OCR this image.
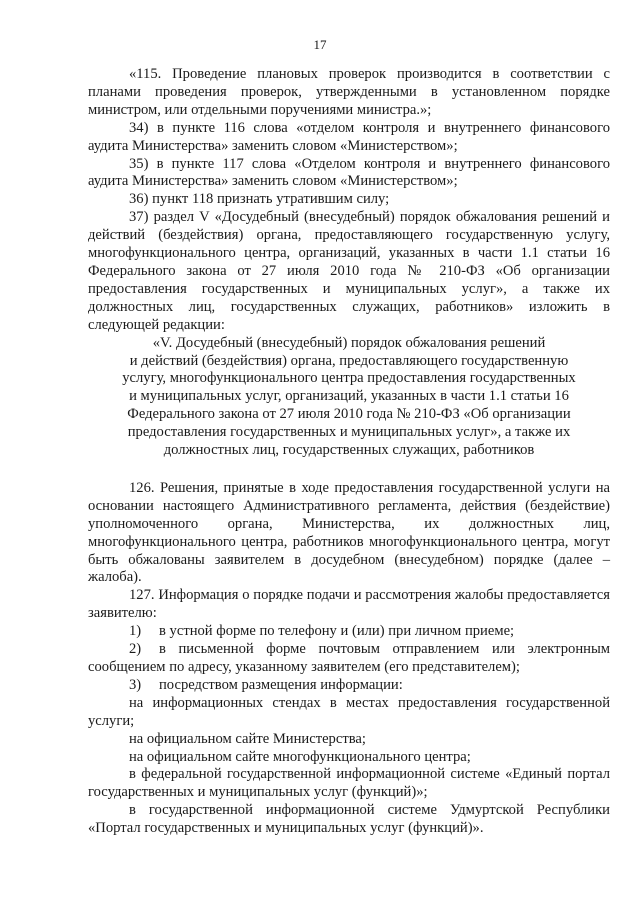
17

«115. Проведение плановых проверок производится в соответствии с планами проведения проверок, утвержденными в установленном порядке министром, или отдельными поручениями министра.»;

34) в пункте 116 слова «отделом контроля и внутреннего финансового аудита Министерства» заменить словом «Министерством»;

35) в пункте 117 слова «Отделом контроля и внутреннего финансового аудита Министерства» заменить словом «Министерством»;

36) пункт 118 признать утратившим силу;

37) раздел V «Досудебный (внесудебный) порядок обжалования решений и действий (бездействия) органа, предоставляющего государственную услугу, многофункционального центра, организаций, указанных в части 1.1 статьи 16 Федерального закона от 27 июля 2010 года № 210-ФЗ «Об организации предоставления государственных и муниципальных услуг», а также их должностных лиц, государственных служащих, работников» изложить в следующей редакции:

«V. Досудебный (внесудебный) порядок обжалования решений
и действий (бездействия) органа, предоставляющего государственную
услугу, многофункционального центра предоставления государственных
и муниципальных услуг, организаций, указанных в части 1.1 статьи 16
Федерального закона от 27 июля 2010 года № 210-ФЗ «Об организации
предоставления государственных и муниципальных услуг», а также их
должностных лиц, государственных служащих, работников

126. Решения, принятые в ходе предоставления государственной услуги на основании настоящего Административного регламента, действия (бездействие) уполномоченного органа, Министерства, их должностных лиц, многофункционального центра, работников многофункционального центра, могут быть обжалованы заявителем в досудебном (внесудебном) порядке (далее – жалоба).

127. Информация о порядке подачи и рассмотрения жалобы предоставляется заявителю:

1) в устной форме по телефону и (или) при личном приеме;

2) в письменной форме почтовым отправлением или электронным сообщением по адресу, указанному заявителем (его представителем);

3) посредством размещения информации:

на информационных стендах в местах предоставления государственной услуги;

на официальном сайте Министерства;

на официальном сайте многофункционального центра;

в федеральной государственной информационной системе «Единый портал государственных и муниципальных услуг (функций)»;

в государственной информационной системе Удмуртской Республики «Портал государственных и муниципальных услуг (функций)».
